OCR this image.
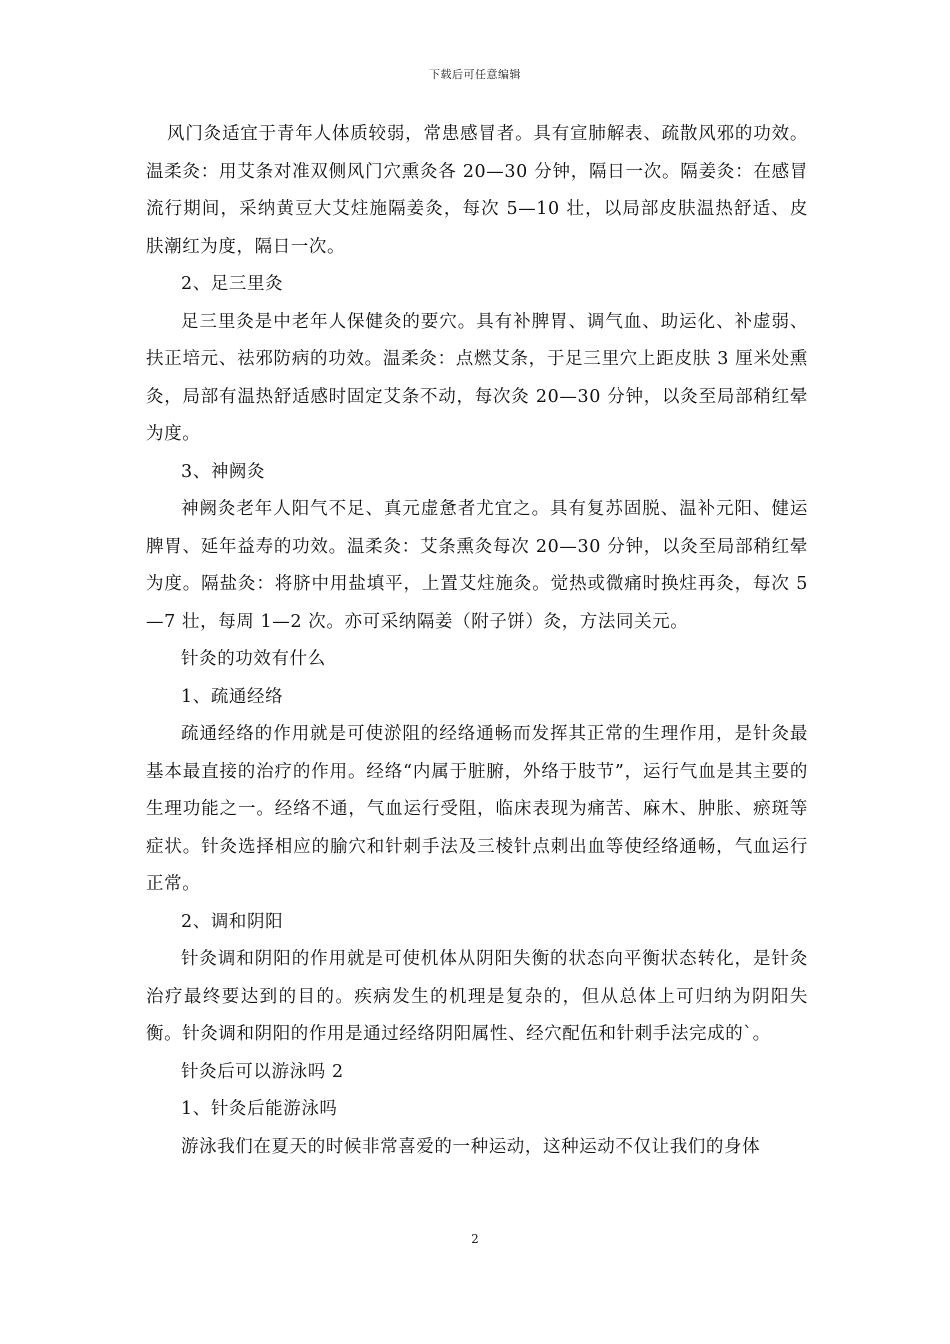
下载后可任意编辑

风门灸适宜于青年人体质较弱，常患感冒者。具有宣肺解表、疏散风邪的功效。温柔灸：用艾条对准双侧风门穴熏灸各 20—30 分钟，隔日一次。隔姜灸：在感冒流行期间，采纳黄豆大艾炷施隔姜灸，每次 5—10 壮，以局部皮肤温热舒适、皮肤潮红为度，隔日一次。

2、足三里灸

足三里灸是中老年人保健灸的要穴。具有补脾胃、调气血、助运化、补虚弱、扶正培元、祛邪防病的功效。温柔灸：点燃艾条，于足三里穴上距皮肤 3 厘米处熏灸，局部有温热舒适感时固定艾条不动，每次灸 20—30 分钟，以灸至局部稍红晕为度。

3、神阙灸

神阙灸老年人阳气不足、真元虚惫者尤宜之。具有复苏固脱、温补元阳、健运脾胃、延年益寿的功效。温柔灸：艾条熏灸每次 20—30 分钟，以灸至局部稍红晕为度。隔盐灸：将脐中用盐填平，上置艾炷施灸。觉热或微痛时换炷再灸，每次 5—7 壮，每周 1—2 次。亦可采纳隔姜（附子饼）灸，方法同关元。

针灸的功效有什么

1、疏通经络

疏通经络的作用就是可使淤阻的经络通畅而发挥其正常的生理作用，是针灸最基本最直接的治疗的作用。经络“内属于脏腑，外络于肢节”，运行气血是其主要的生理功能之一。经络不通，气血运行受阻，临床表现为痛苦、麻木、肿胀、瘀斑等症状。针灸选择相应的腧穴和针刺手法及三棱针点刺出血等使经络通畅，气血运行正常。

2、调和阴阳

针灸调和阴阳的作用就是可使机体从阴阳失衡的状态向平衡状态转化，是针灸治疗最终要达到的目的。疾病发生的机理是复杂的，但从总体上可归纳为阴阳失衡。针灸调和阴阳的作用是通过经络阴阳属性、经穴配伍和针刺手法完成的`。

针灸后可以游泳吗 2

1、针灸后能游泳吗

游泳我们在夏天的时候非常喜爱的一种运动，这种运动不仅让我们的身体

2
